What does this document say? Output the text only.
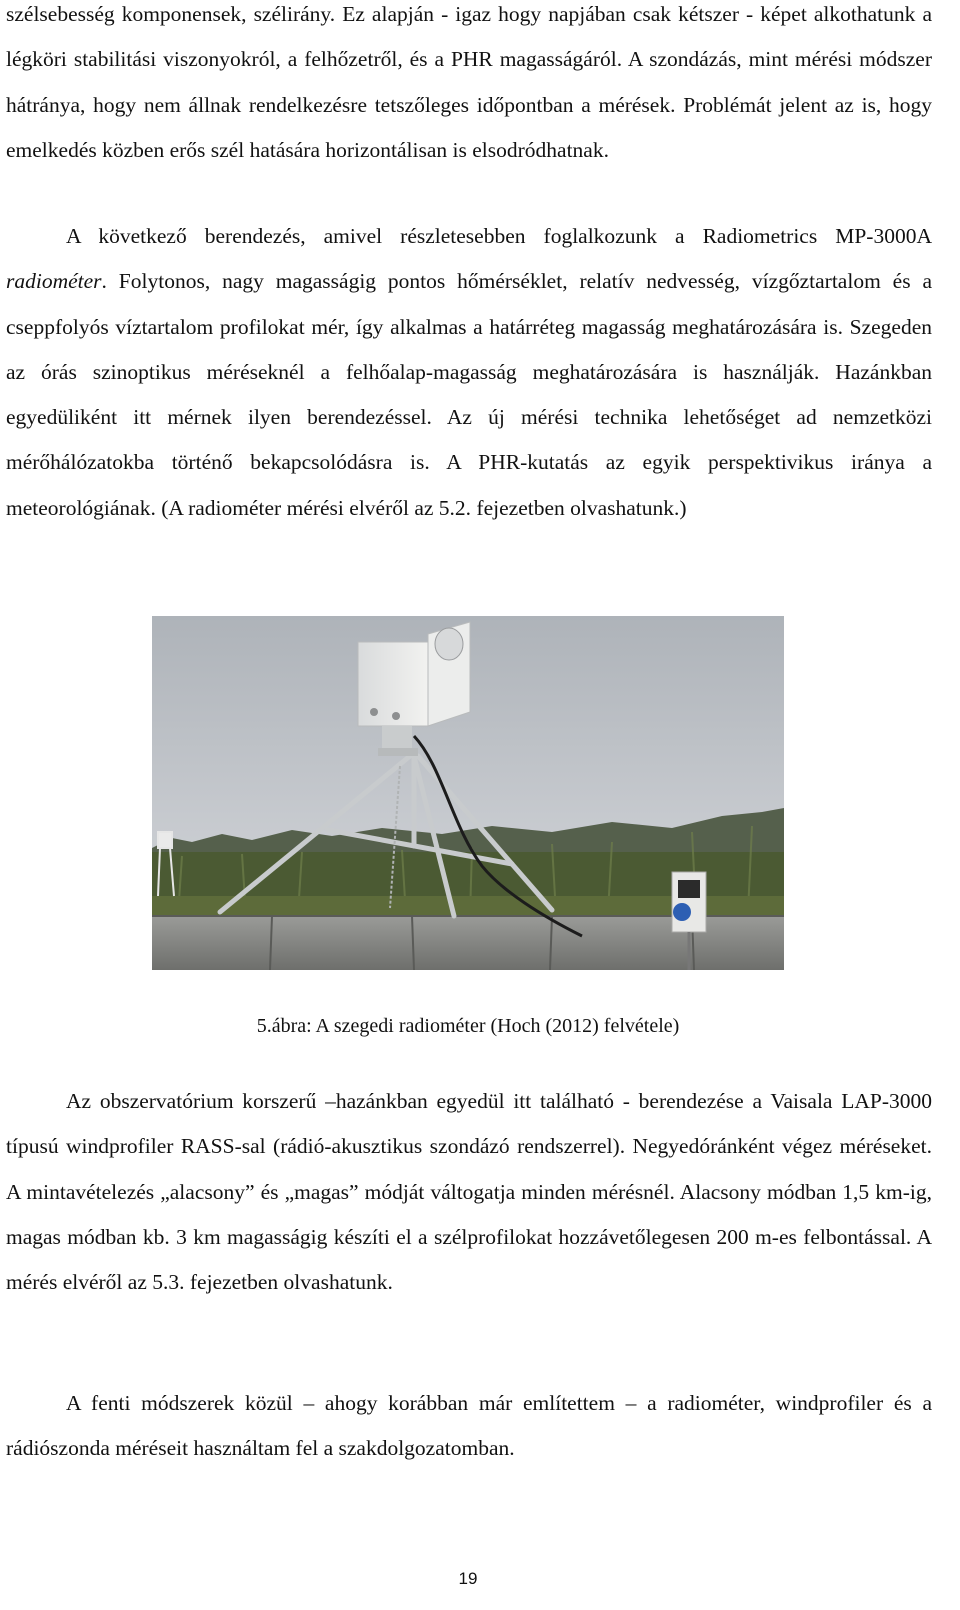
szélsebesség komponensek, szélirány. Ez alapján - igaz hogy napjában csak kétszer - képet alkothatunk a légköri stabilitási viszonyokról, a felhőzetről, és a PHR magasságáról. A szondázás, mint mérési módszer hátránya, hogy nem állnak rendelkezésre tetszőleges időpontban a mérések. Problémát jelent az is, hogy emelkedés közben erős szél hatására horizontálisan is elsodródhatnak.

A következő berendezés, amivel részletesebben foglalkozunk a Radiometrics MP-3000A radiométer. Folytonos, nagy magasságig pontos hőmérséklet, relatív nedvesség, vízgőztartalom és a cseppfolyós víztartalom profilokat mér, így alkalmas a határréteg magasság meghatározására is. Szegeden az órás szinoptikus méréseknél a felhőalap-magasság meghatározására is használják. Hazánkban egyedüliként itt mérnek ilyen berendezéssel. Az új mérési technika lehetőséget ad nemzetközi mérőhálózatokba történő bekapcsolódásra is. A PHR-kutatás az egyik perspektivikus iránya a meteorológiának. (A radiométer mérési elvéről az 5.2. fejezetben olvashatunk.)

5.ábra: A szegedi radiométer (Hoch (2012) felvétele)

Az obszervatórium korszerű –hazánkban egyedül itt található - berendezése a Vaisala LAP-3000 típusú windprofiler RASS-sal (rádió-akusztikus szondázó rendszerrel). Negyedóránként végez méréseket. A mintavételezés „alacsony” és „magas” módját váltogatja minden mérésnél. Alacsony módban 1,5 km-ig, magas módban kb. 3 km magasságig készíti el a szélprofilokat hozzávetőlegesen 200 m-es felbontással. A mérés elvéről az 5.3. fejezetben olvashatunk.

A fenti módszerek közül – ahogy korábban már említettem – a radiométer, windprofiler és a rádiószonda méréseit használtam fel a szakdolgozatomban.

19
